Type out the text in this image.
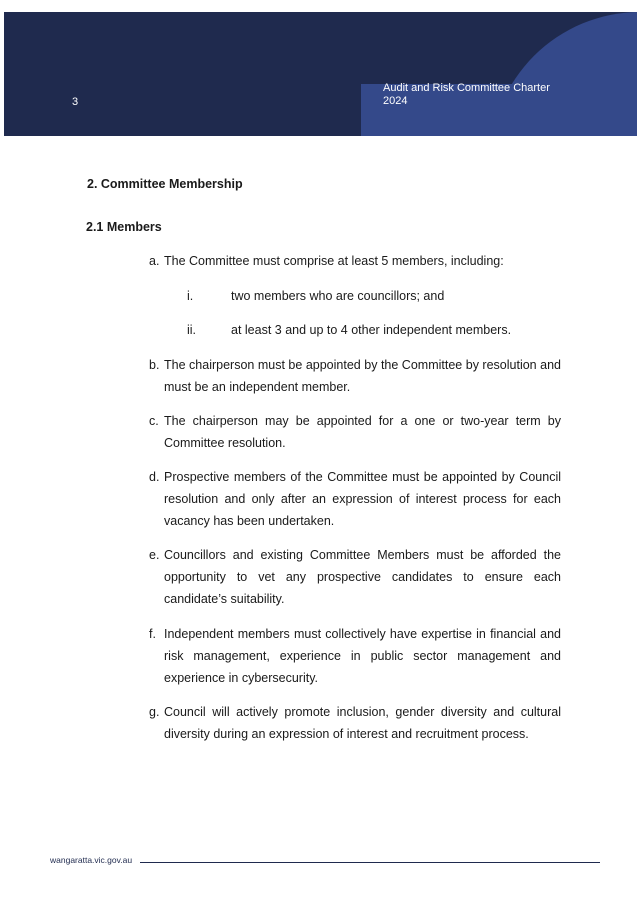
3
Audit and Risk Committee Charter
2024
2. Committee Membership
2.1 Members
a. The Committee must comprise at least 5 members, including:
i.	two members who are councillors; and
ii.	at least 3 and up to 4 other independent members.
b. The chairperson must be appointed by the Committee by resolution and must be an independent member.
c. The chairperson may be appointed for a one or two-year term by Committee resolution.
d. Prospective members of the Committee must be appointed by Council resolution and only after an expression of interest process for each vacancy has been undertaken.
e. Councillors and existing Committee Members must be afforded the opportunity to vet any prospective candidates to ensure each candidate’s suitability.
f. Independent members must collectively have expertise in financial and risk management, experience in public sector management and experience in cybersecurity.
g. Council will actively promote inclusion, gender diversity and cultural diversity during an expression of interest and recruitment process.
wangaratta.vic.gov.au
